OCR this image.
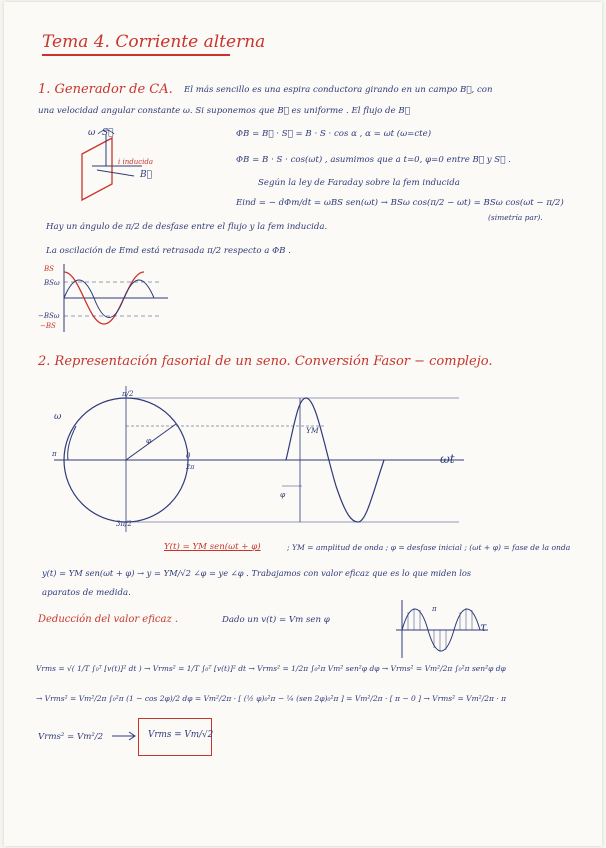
Tema 4. Corriente alterna
1. Generador de CA. El más sencillo es una espira conductora girando en un campo B⃗, con
una velocidad angular constante ω. Si suponemos que B⃗ es uniforme . El flujo de B⃗
ω S⃗
i inducida
B⃗
ΦB = B⃗ · S⃗ = B · S · cos α , α = ωt (ω=cte)
ΦB = B · S · cos(ωt) , asumimos que a t=0, φ=0 entre B⃗ y S⃗ .
Según la ley de Faraday sobre la fem inducida
Eind = − dΦm/dt = ωBS sen(ωt) → BSω cos(π/2 − ωt) = BSω cos(ωt − π/2)
(simetría par).
Hay un ángulo de π/2 de desfase entre el flujo y la fem inducida.
La oscilación de Emd está retrasada π/2 respecto a ΦB .
BS
BSω
−BSω
−BS
2. Representación fasorial de un seno. Conversión Fasor − complejo.
π/2
ω
π	0
2π
φ
3π/2
YM
φ
ωt
Y(t) = YM sen(ωt + φ)	; YM = amplitud de onda ; φ = desfase inicial ; (ωt + φ) = fase de la onda
y(t) = YM sen(ωt + φ) → y = YM/√2 ∠φ = ye ∠φ . Trabajamos con valor eficaz que es lo que miden los
aparatos de medida.
Deducción del valor eficaz .	Dado un v(t) = Vm sen φ
π
τ
Vrms = √( 1/T ∫₀ᵀ [v(t)]² dt ) → Vrms² = 1/T ∫₀ᵀ [v(t)]² dt → Vrms² = 1/2π ∫₀²π Vm² sen²φ dφ → Vrms² = Vm²/2π ∫₀²π sen²φ dφ
→ Vrms² = Vm²/2π ∫₀²π (1 − cos 2φ)/2 dφ = Vm²/2π · [ (½ φ)₀²π − ¼ (sen 2φ)₀²π ] = Vm²/2π · [ π − 0 ] → Vrms² = Vm²/2π · π
Vrms² = Vm²/2	Vrms = Vm/√2
